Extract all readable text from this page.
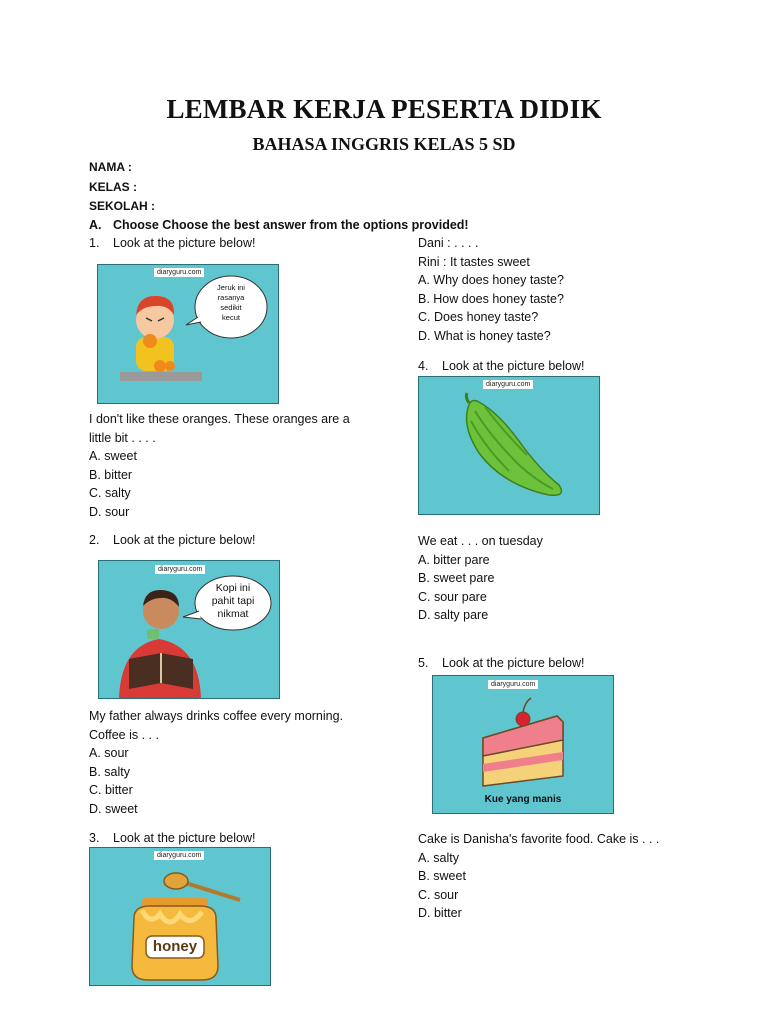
LEMBAR KERJA PESERTA DIDIK
BAHASA INGGRIS KELAS 5 SD
NAMA :
KELAS :
SEKOLAH :
A. Choose Choose the best answer from the options provided!
1. Look at the picture below!
diaryguru.com
Jeruk ini
rasanya
sedikit
kecut
I don't like these oranges. These oranges are a
little bit . . . .
A. sweet
B. bitter
C. salty
D. sour
2. Look at the picture below!
diaryguru.com
Kopi ini
pahit tapi
nikmat
My father always drinks coffee every morning.
Coffee is . . .
A. sour
B. salty
C. bitter
D. sweet
3. Look at the picture below!
diaryguru.com
honey
Dani : . . . .
Rini : It tastes sweet
A. Why does honey taste?
B. How does honey taste?
C. Does honey taste?
D. What is honey taste?
4. Look at the picture below!
diaryguru.com
We eat . . . on tuesday
A. bitter pare
B. sweet pare
C. sour pare
D. salty pare
5. Look at the picture below!
diaryguru.com
Kue yang manis
Cake is Danisha's favorite food. Cake is . . .
A. salty
B. sweet
C. sour
D. bitter
